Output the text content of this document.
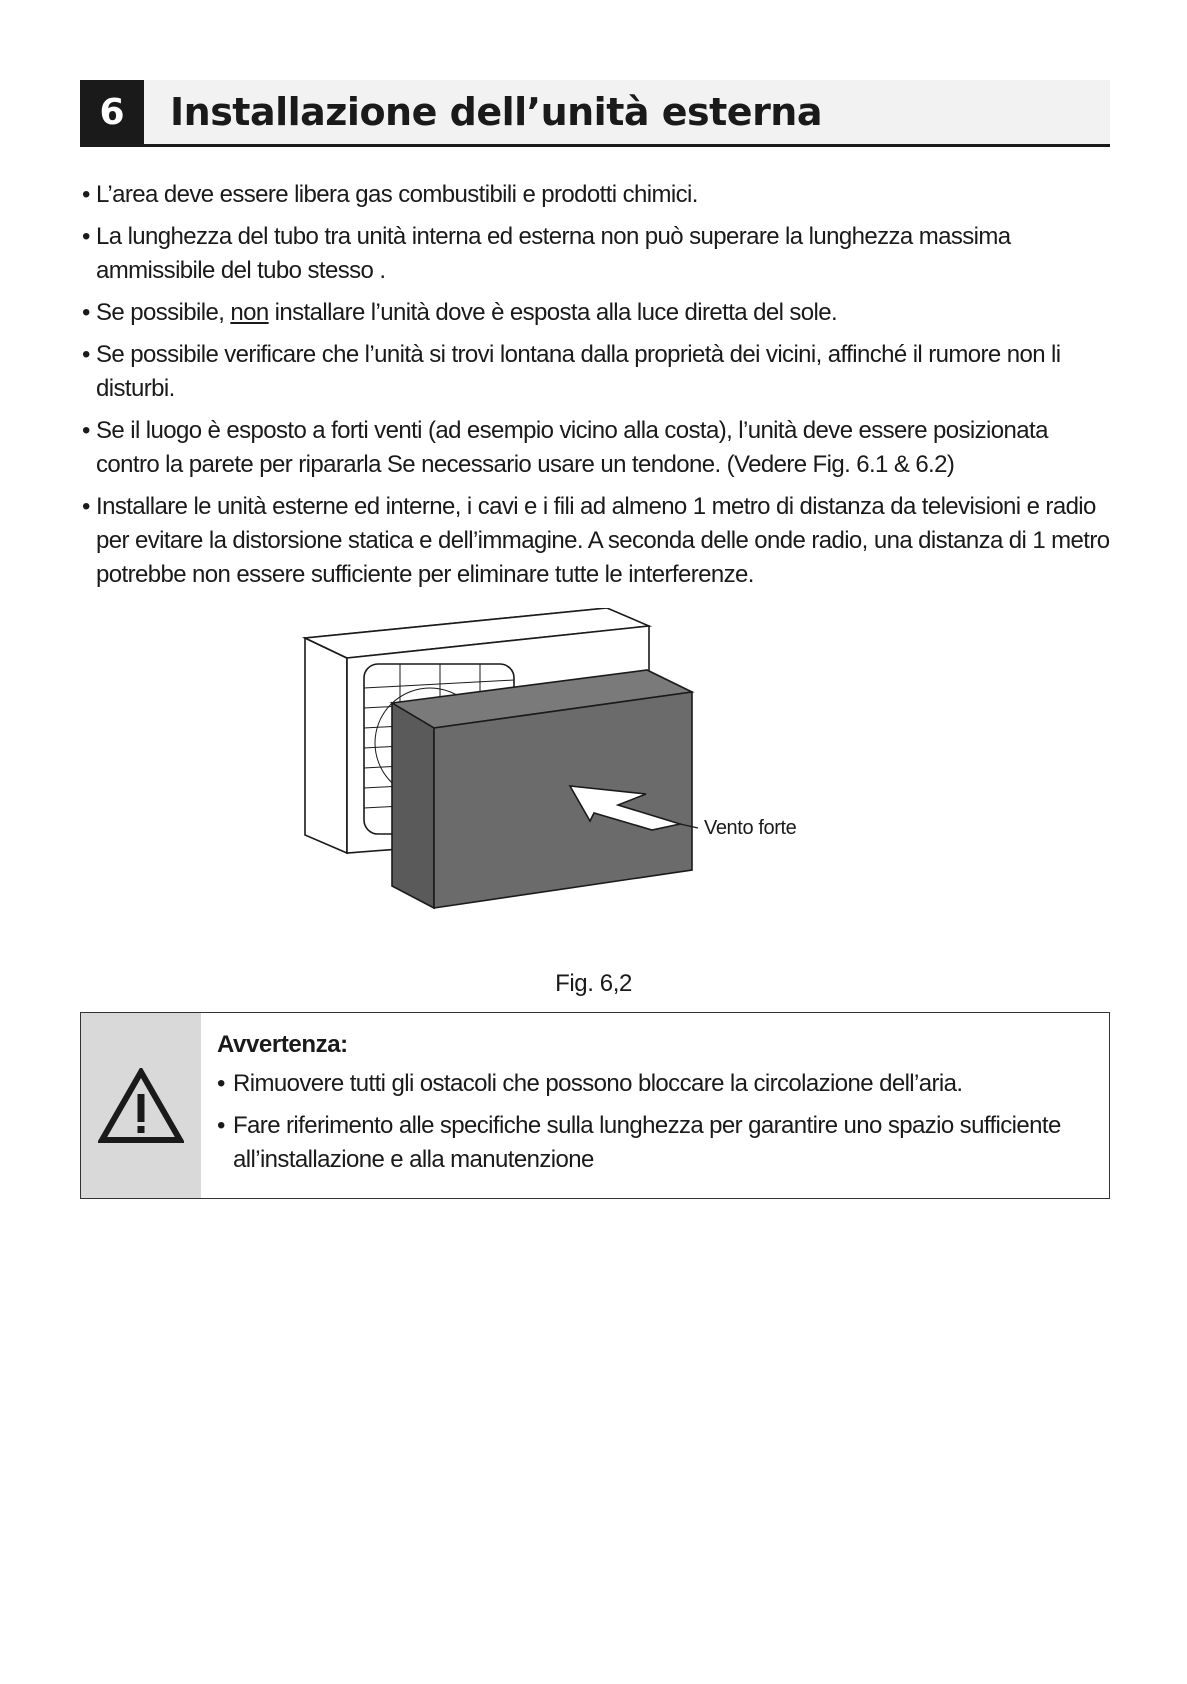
6	Installazione dell’unità esterna
• L’area deve essere libera gas combustibili e prodotti chimici.
• La lunghezza del tubo tra unità interna ed esterna non può superare la lunghezza massima ammissibile del tubo stesso .
• Se possibile, non installare l’unità dove è esposta alla luce diretta del sole.
• Se possibile verificare che l’unità si trovi lontana dalla proprietà dei vicini, affinché il rumore non li disturbi.
• Se il luogo è esposto a forti venti (ad esempio vicino alla costa), l’unità deve essere posizionata contro la parete per ripararla Se necessario usare un tendone. (Vedere Fig. 6.1 & 6.2)
• Installare le unità esterne ed interne, i cavi e i fili ad almeno 1 metro di distanza da televisioni e radio per evitare la distorsione statica e dell’immagine. A seconda delle onde radio, una distanza di 1 metro potrebbe non essere sufficiente per eliminare tutte le interferenze.
Vento forte
Fig. 6,2
Avvertenza:
• Rimuovere tutti gli ostacoli che possono bloccare la circolazione dell’aria.
• Fare riferimento alle specifiche sulla lunghezza per garantire uno spazio sufficiente all’installazione e alla manutenzione
